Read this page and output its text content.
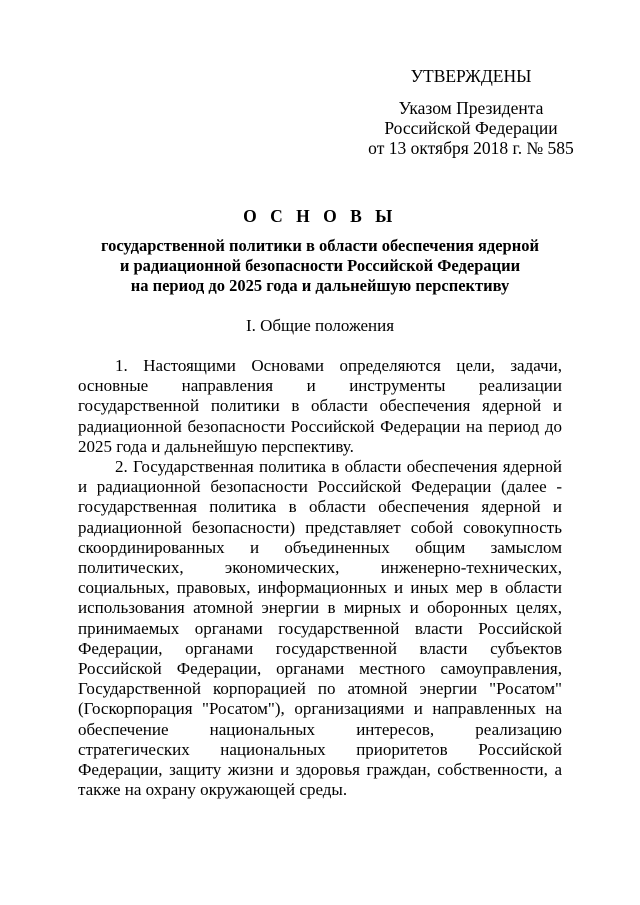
УТВЕРЖДЕНЫ
Указом Президента
Российской Федерации
от 13 октября 2018 г. № 585
О С Н О В Ы
государственной политики в области обеспечения ядерной
и радиационной безопасности Российской Федерации
на период до 2025 года и дальнейшую перспективу
I. Общие положения

1. Настоящими Основами определяются цели, задачи, основные направления и инструменты реализации государственной политики в области обеспечения ядерной и радиационной безопасности Российской Федерации на период до 2025 года и дальнейшую перспективу.

2. Государственная политика в области обеспечения ядерной и радиационной безопасности Российской Федерации (далее - государственная политика в области обеспечения ядерной и радиационной безопасности) представляет собой совокупность скоординированных и объединенных общим замыслом политических, экономических, инженерно-технических, социальных, правовых, информационных и иных мер в области использования атомной энергии в мирных и оборонных целях, принимаемых органами государственной власти Российской Федерации, органами государственной власти субъектов Российской Федерации, органами местного самоуправления, Государственной корпорацией по атомной энергии "Росатом" (Госкорпорация "Росатом"), организациями и направленных на обеспечение национальных интересов, реализацию стратегических национальных приоритетов Российской Федерации, защиту жизни и здоровья граждан, собственности, а также на охрану окружающей среды.
